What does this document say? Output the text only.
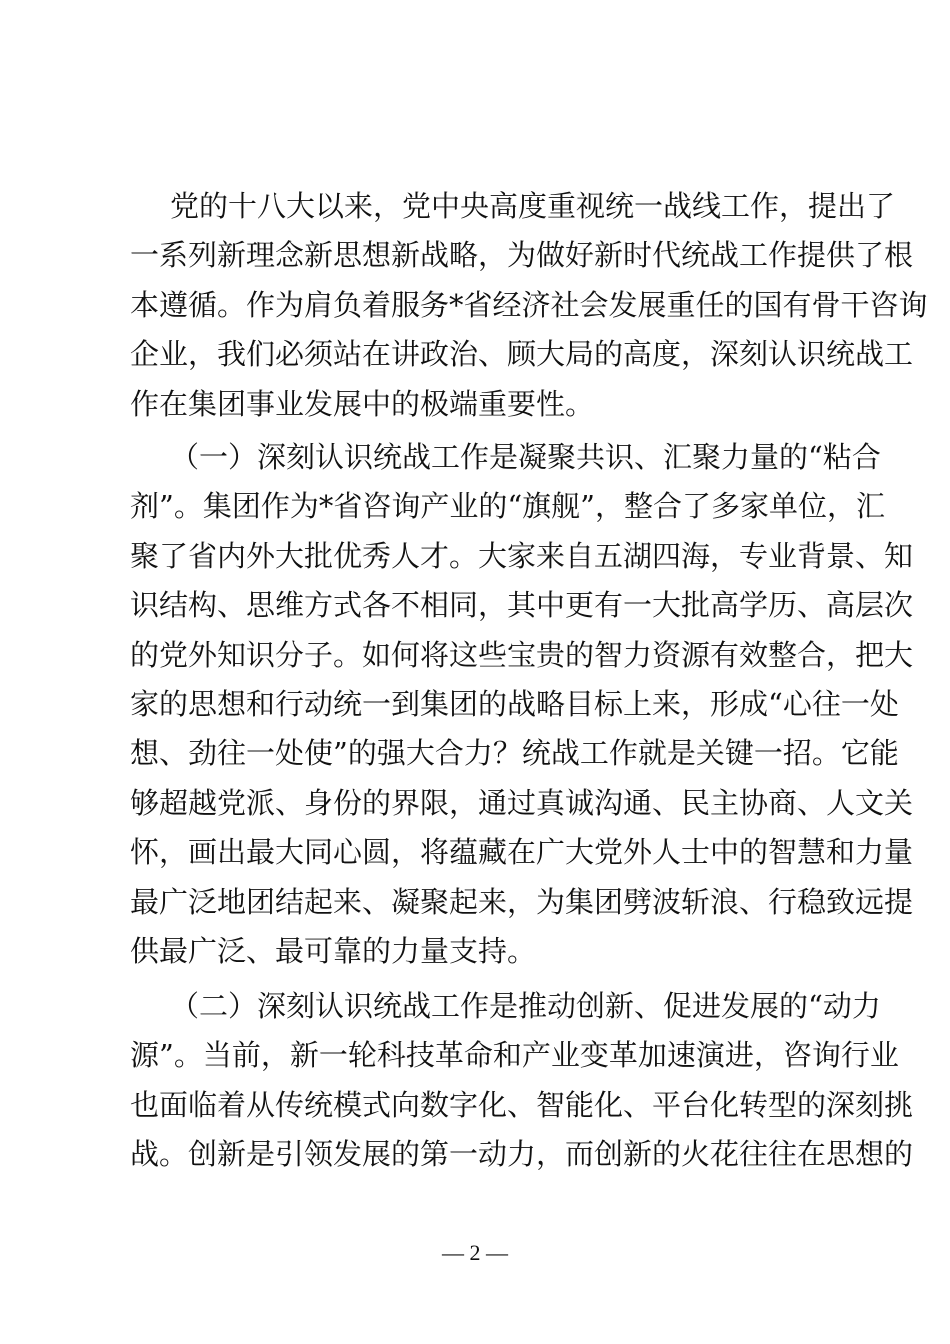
党的十八大以来，党中央高度重视统一战线工作，提出了
一系列新理念新思想新战略，为做好新时代统战工作提供了根
本遵循。作为肩负着服务*省经济社会发展重任的国有骨干咨询
企业，我们必须站在讲政治、顾大局的高度，深刻认识统战工
作在集团事业发展中的极端重要性。
（一）深刻认识统战工作是凝聚共识、汇聚力量的“粘合
剂”。集团作为*省咨询产业的“旗舰”，整合了多家单位，汇
聚了省内外大批优秀人才。大家来自五湖四海，专业背景、知
识结构、思维方式各不相同，其中更有一大批高学历、高层次
的党外知识分子。如何将这些宝贵的智力资源有效整合，把大
家的思想和行动统一到集团的战略目标上来，形成“心往一处
想、劲往一处使”的强大合力？统战工作就是关键一招。它能
够超越党派、身份的界限，通过真诚沟通、民主协商、人文关
怀，画出最大同心圆，将蕴藏在广大党外人士中的智慧和力量
最广泛地团结起来、凝聚起来，为集团劈波斩浪、行稳致远提
供最广泛、最可靠的力量支持。
（二）深刻认识统战工作是推动创新、促进发展的“动力
源”。当前，新一轮科技革命和产业变革加速演进，咨询行业
也面临着从传统模式向数字化、智能化、平台化转型的深刻挑
战。创新是引领发展的第一动力，而创新的火花往往在思想的
— 2 —
